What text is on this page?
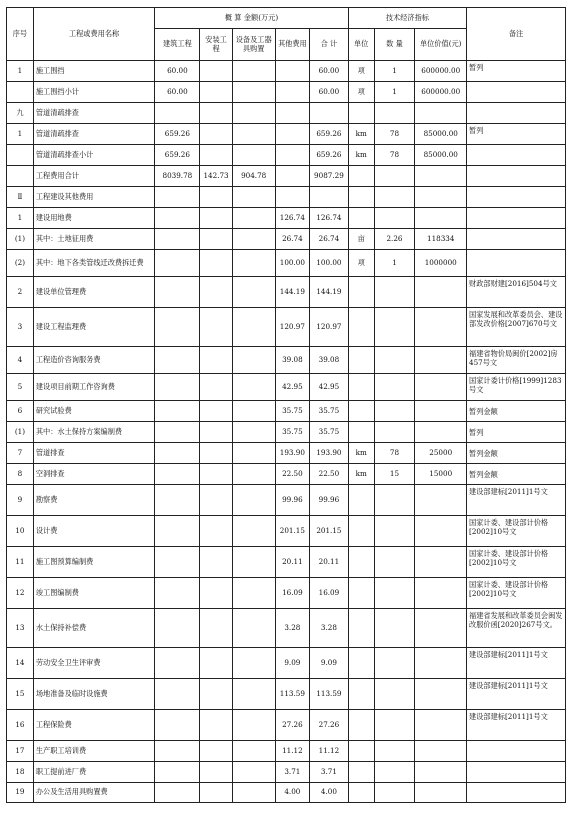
序号	工程或费用名称	概 算 金额(万元)					技术经济指标			备注
		建筑工程	安装工程	设备及工器具购置	其他费用	合 计	单位	数 量	单位价值(元)	
1	施工围挡	60.00				60.00	项	1	600000.00	暂列
	施工围挡小计	60.00				60.00	项	1	600000.00	
九	管道清疏排查									
1	管道清疏排查	659.26				659.26	km	78	85000.00	暂列
	管道清疏排查小计	659.26				659.26	km	78	85000.00	
	工程费用合计	8039.78	142.73	904.78		9087.29				
Ⅱ	工程建设其他费用									
1	建设用地费				126.74	126.74				
(1)	其中：土地征用费				26.74	26.74	亩	2.26	118334	
(2)	其中：地下各类管线迁改费拆迁费				100.00	100.00	项	1	1000000	
2	建设单位管理费				144.19	144.19				财政部财建[2016]504号文
3	建设工程监理费				120.97	120.97				国家发展和改革委员会、建设部发改价格[2007]670号文
4	工程造价咨询服务费				39.08	39.08				福建省物价局闽价[2002]房457号文
5	建设项目前期工作咨询费				42.95	42.95				国家计委计价格[1999]1283号文
6	研究试验费				35.75	35.75				暂列金额
(1)	其中：水土保持方案编制费				35.75	35.75				暂列
7	管道排查				193.90	193.90	km	78	25000	暂列金额
8	空洞排查				22.50	22.50	km	15	15000	暂列金额
9	勘察费				99.96	99.96				建设部建标[2011]1号文
10	设计费				201.15	201.15				国家计委、建设部计价格[2002]10号文
11	施工图预算编制费				20.11	20.11				国家计委、建设部计价格[2002]10号文
12	竣工图编制费				16.09	16.09				国家计委、建设部计价格[2002]10号文
13	水土保持补偿费				3.28	3.28				福建省发展和改革委员会闽发改服价函[2020]267号文。
14	劳动安全卫生评审费				9.09	9.09				建设部建标[2011]1号文
15	场地准备及临时设施费				113.59	113.59				建设部建标[2011]1号文
16	工程保险费				27.26	27.26				建设部建标[2011]1号文
17	生产职工培训费				11.12	11.12				
18	职工提前进厂费				3.71	3.71				
19	办公及生活用具购置费				4.00	4.00				
